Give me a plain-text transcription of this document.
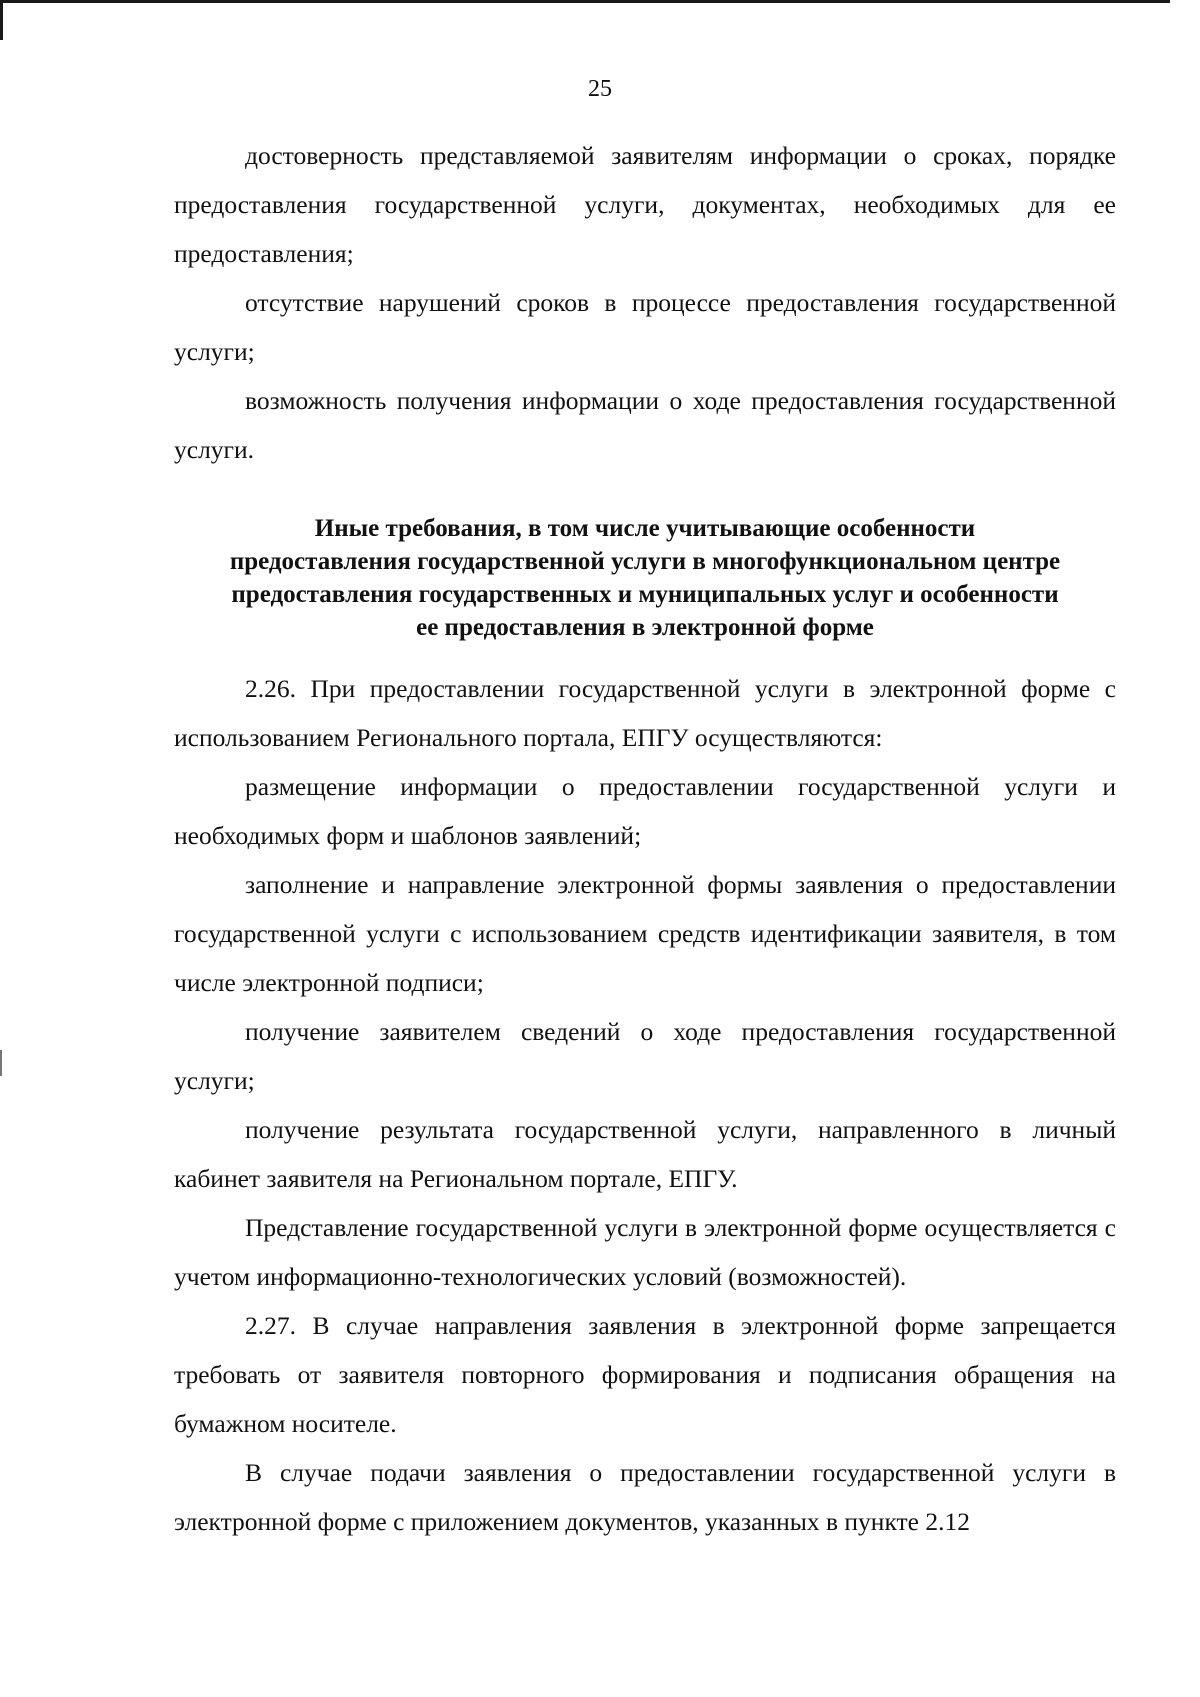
25

достоверность представляемой заявителям информации о сроках, порядке предоставления государственной услуги, документах, необходимых для ее предоставления;

отсутствие нарушений сроков в процессе предоставления государственной услуги;

возможность получения информации о ходе предоставления государственной услуги.

Иные требования, в том числе учитывающие особенности
предоставления государственной услуги в многофункциональном центре
предоставления государственных и муниципальных услуг и особенности
ее предоставления в электронной форме

2.26. При предоставлении государственной услуги в электронной форме с использованием Регионального портала, ЕПГУ осуществляются:

размещение информации о предоставлении государственной услуги и необходимых форм и шаблонов заявлений;

заполнение и направление электронной формы заявления о предоставлении государственной услуги с использованием средств идентификации заявителя, в том числе электронной подписи;

получение заявителем сведений о ходе предоставления государственной услуги;

получение результата государственной услуги, направленного в личный кабинет заявителя на Региональном портале, ЕПГУ.

Представление государственной услуги в электронной форме осуществляется с учетом информационно-технологических условий (возможностей).

2.27. В случае направления заявления в электронной форме запрещается требовать от заявителя повторного формирования и подписания обращения на бумажном носителе.

В случае подачи заявления о предоставлении государственной услуги в электронной форме с приложением документов, указанных в пункте 2.12
